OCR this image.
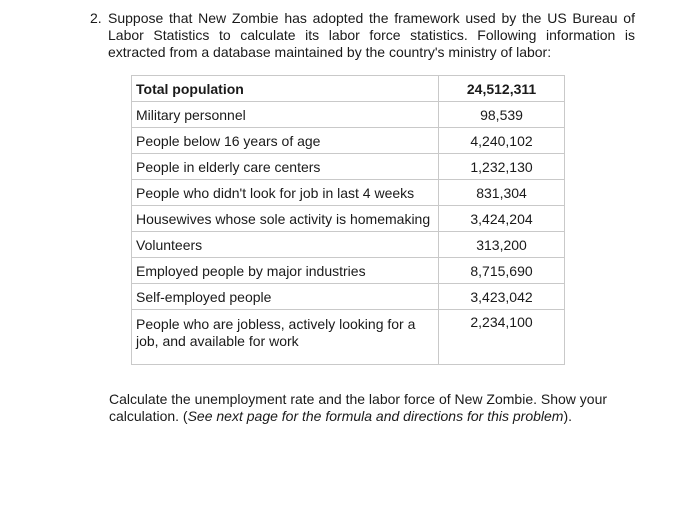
2. Suppose that New Zombie has adopted the framework used by the US Bureau of Labor Statistics to calculate its labor force statistics. Following information is extracted from a database maintained by the country's ministry of labor:
Total population	24,512,311
Military personnel	98,539
People below 16 years of age	4,240,102
People in elderly care centers	1,232,130
People who didn't look for job in last 4 weeks	831,304
Housewives whose sole activity is homemaking	3,424,204
Volunteers	313,200
Employed people by major industries	8,715,690
Self-employed people	3,423,042
People who are jobless, actively looking for a job, and available for work	2,234,100
Calculate the unemployment rate and the labor force of New Zombie. Show your calculation. (See next page for the formula and directions for this problem).
